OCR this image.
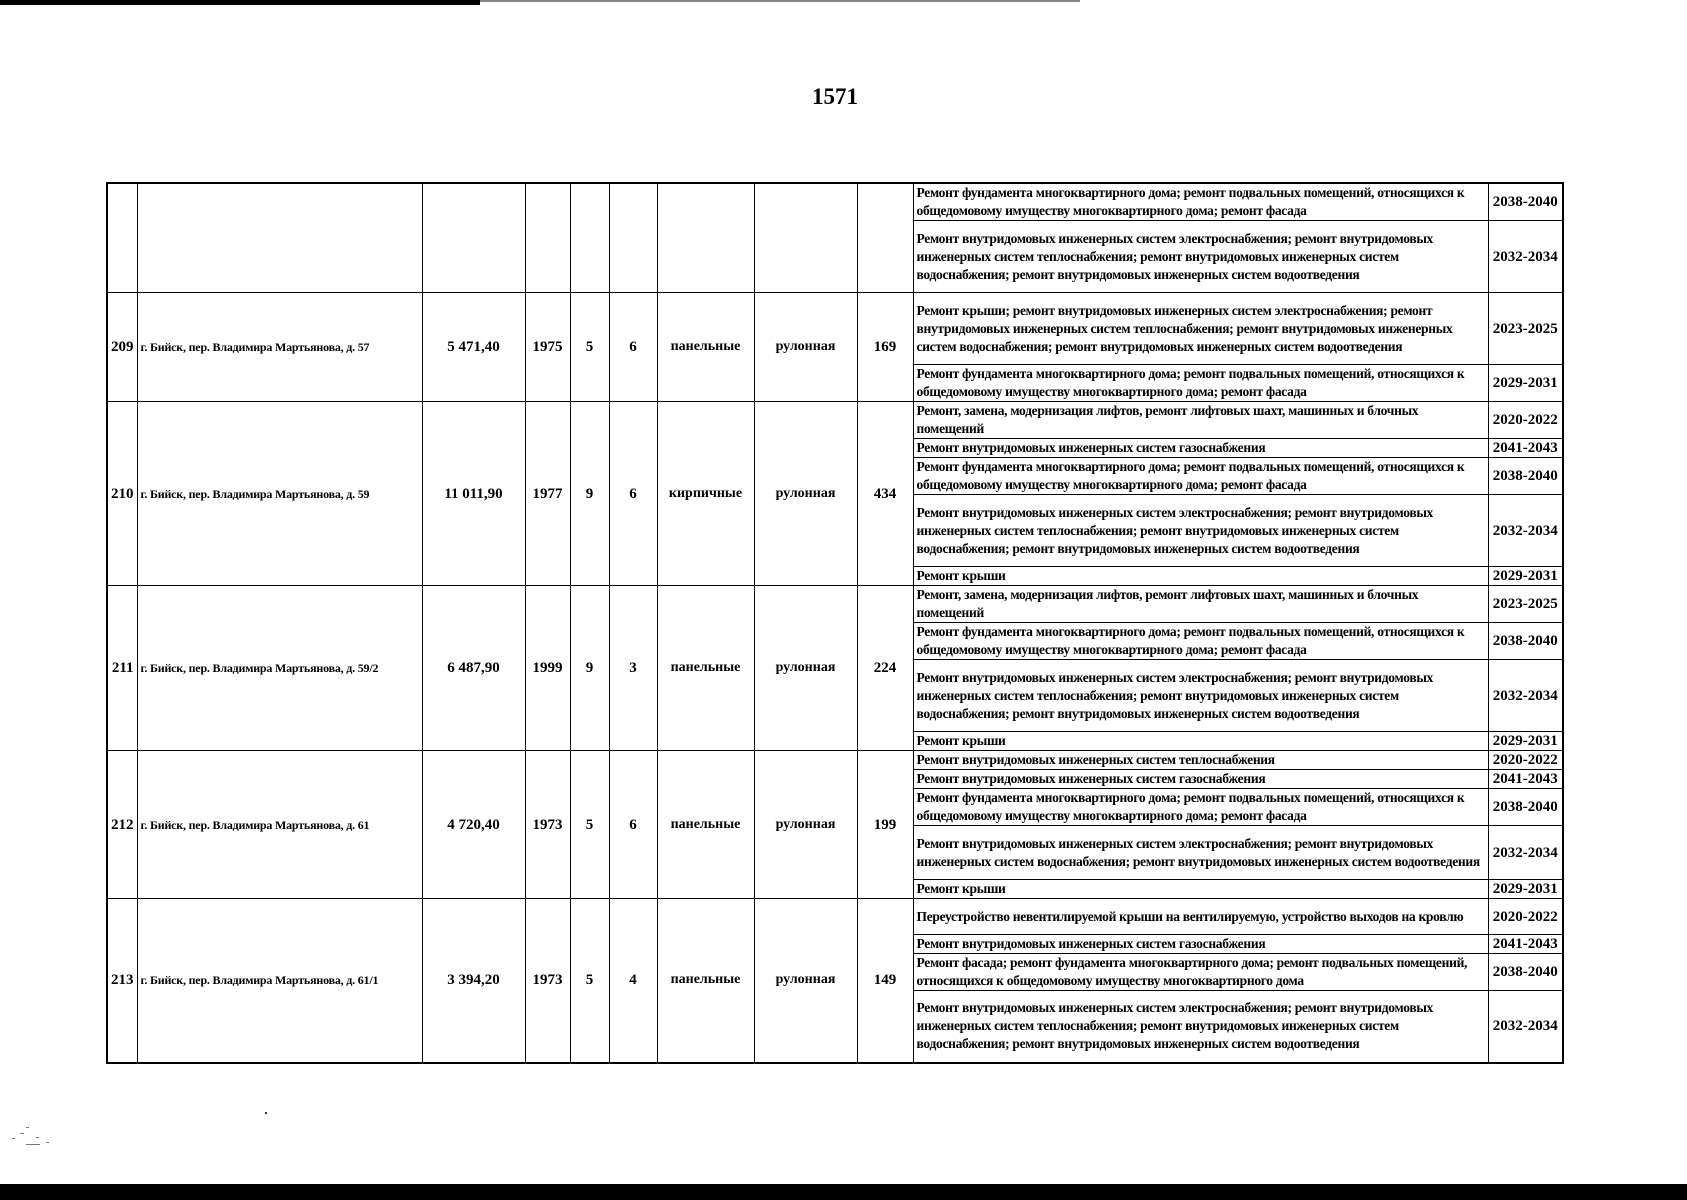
1571
									Ремонт фундамента многоквартирного дома; ремонт подвальных помещений, относящихся к общедомовому имуществу многоквартирного дома; ремонт фасада	2038-2040
									Ремонт внутридомовых инженерных систем электроснабжения; ремонт внутридомовых инженерных систем теплоснабжения; ремонт внутридомовых инженерных систем водоснабжения; ремонт внутридомовых инженерных систем водоотведения	2032-2034
209	г. Бийск, пер. Владимира Мартьянова, д. 57	5 471,40	1975	5	6	панельные	рулонная	169	Ремонт крыши; ремонт внутридомовых инженерных систем электроснабжения; ремонт внутридомовых инженерных систем теплоснабжения; ремонт внутридомовых инженерных систем водоснабжения; ремонт внутридомовых инженерных систем водоотведения	2023-2025
									Ремонт фундамента многоквартирного дома; ремонт подвальных помещений, относящихся к общедомовому имуществу многоквартирного дома; ремонт фасада	2029-2031
210	г. Бийск, пер. Владимира Мартьянова, д. 59	11 011,90	1977	9	6	кирпичные	рулонная	434	Ремонт, замена, модернизация лифтов, ремонт лифтовых шахт, машинных и блочных помещений	2020-2022
									Ремонт внутридомовых инженерных систем газоснабжения	2041-2043
									Ремонт фундамента многоквартирного дома; ремонт подвальных помещений, относящихся к общедомовому имуществу многоквартирного дома; ремонт фасада	2038-2040
									Ремонт внутридомовых инженерных систем электроснабжения; ремонт внутридомовых инженерных систем теплоснабжения; ремонт внутридомовых инженерных систем водоснабжения; ремонт внутридомовых инженерных систем водоотведения	2032-2034
									Ремонт крыши	2029-2031
211	г. Бийск, пер. Владимира Мартьянова, д. 59/2	6 487,90	1999	9	3	панельные	рулонная	224	Ремонт, замена, модернизация лифтов, ремонт лифтовых шахт, машинных и блочных помещений	2023-2025
									Ремонт фундамента многоквартирного дома; ремонт подвальных помещений, относящихся к общедомовому имуществу многоквартирного дома; ремонт фасада	2038-2040
									Ремонт внутридомовых инженерных систем электроснабжения; ремонт внутридомовых инженерных систем теплоснабжения; ремонт внутридомовых инженерных систем водоснабжения; ремонт внутридомовых инженерных систем водоотведения	2032-2034
									Ремонт крыши	2029-2031
212	г. Бийск, пер. Владимира Мартьянова, д. 61	4 720,40	1973	5	6	панельные	рулонная	199	Ремонт внутридомовых инженерных систем теплоснабжения	2020-2022
									Ремонт внутридомовых инженерных систем газоснабжения	2041-2043
									Ремонт фундамента многоквартирного дома; ремонт подвальных помещений, относящихся к общедомовому имуществу многоквартирного дома; ремонт фасада	2038-2040
									Ремонт внутридомовых инженерных систем электроснабжения; ремонт внутридомовых инженерных систем водоснабжения; ремонт внутридомовых инженерных систем водоотведения	2032-2034
									Ремонт крыши	2029-2031
213	г. Бийск, пер. Владимира Мартьянова, д. 61/1	3 394,20	1973	5	4	панельные	рулонная	149	Переустройство невентилируемой крыши на вентилируемую, устройство выходов на кровлю	2020-2022
									Ремонт внутридомовых инженерных систем газоснабжения	2041-2043
									Ремонт фасада; ремонт фундамента многоквартирного дома; ремонт подвальных помещений, относящихся к общедомовому имуществу многоквартирного дома	2038-2040
									Ремонт внутридомовых инженерных систем электроснабжения; ремонт внутридомовых инженерных систем теплоснабжения; ремонт внутридомовых инженерных систем водоснабжения; ремонт внутридомовых инженерных систем водоотведения	2032-2034
